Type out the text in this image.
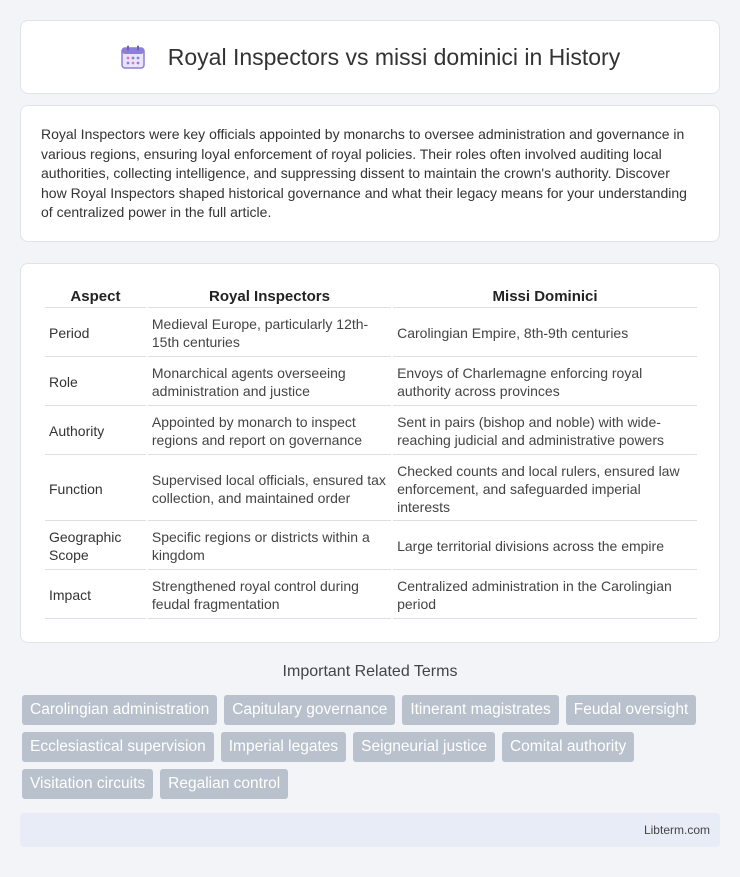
Royal Inspectors vs missi dominici in History

Royal Inspectors were key officials appointed by monarchs to oversee administration and governance in various regions, ensuring loyal enforcement of royal policies. Their roles often involved auditing local authorities, collecting intelligence, and suppressing dissent to maintain the crown's authority. Discover how Royal Inspectors shaped historical governance and what their legacy means for your understanding of centralized power in the full article.

Aspect	Royal Inspectors	Missi Dominici
Period	Medieval Europe, particularly 12th-15th centuries	Carolingian Empire, 8th-9th centuries
Role	Monarchical agents overseeing administration and justice	Envoys of Charlemagne enforcing royal authority across provinces
Authority	Appointed by monarch to inspect regions and report on governance	Sent in pairs (bishop and noble) with wide-reaching judicial and administrative powers
Function	Supervised local officials, ensured tax collection, and maintained order	Checked counts and local rulers, ensured law enforcement, and safeguarded imperial interests
Geographic Scope	Specific regions or districts within a kingdom	Large territorial divisions across the empire
Impact	Strengthened royal control during feudal fragmentation	Centralized administration in the Carolingian period
Important Related Terms
Carolingian administration	Capitulary governance	Itinerant magistrates	Feudal oversight
Ecclesiastical supervision	Imperial legates	Seigneurial justice	Comital authority
Visitation circuits	Regalian control
Libterm.com
